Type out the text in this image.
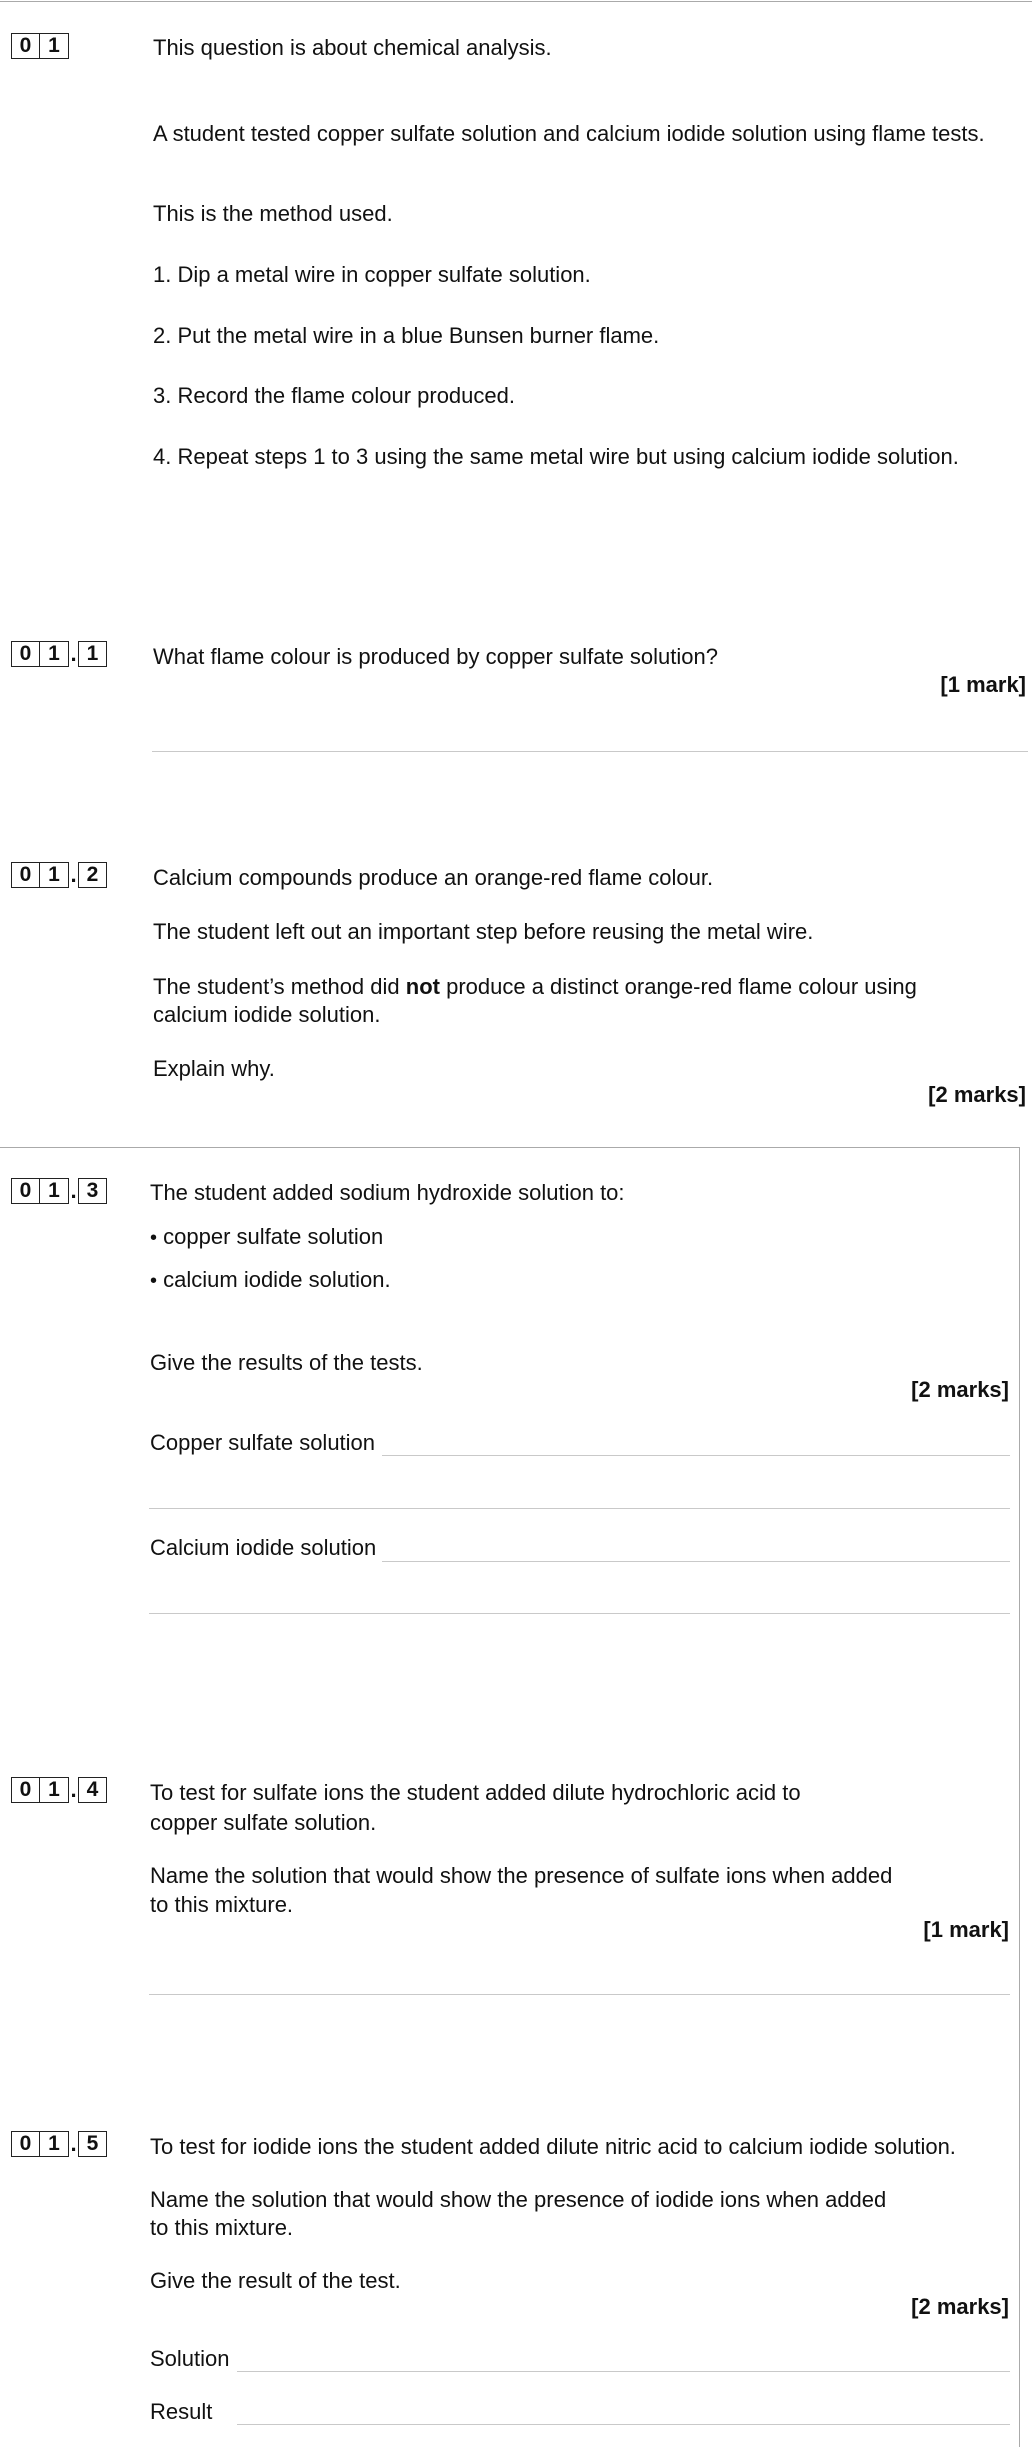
0 1	This question is about chemical analysis.
A student tested copper sulfate solution and calcium iodide solution using flame tests.
This is the method used.
1. Dip a metal wire in copper sulfate solution.
2. Put the metal wire in a blue Bunsen burner flame.
3. Record the flame colour produced.
4. Repeat steps 1 to 3 using the same metal wire but using calcium iodide solution.
0 1 . 1	What flame colour is produced by copper sulfate solution?
[1 mark]
0 1 . 2	Calcium compounds produce an orange-red flame colour.
The student left out an important step before reusing the metal wire.
The student’s method did not produce a distinct orange-red flame colour using
calcium iodide solution.
Explain why.
[2 marks]
0 1 . 3	The student added sodium hydroxide solution to:
• copper sulfate solution
• calcium iodide solution.
Give the results of the tests.
[2 marks]
Copper sulfate solution
Calcium iodide solution
0 1 . 4	To test for sulfate ions the student added dilute hydrochloric acid to
copper sulfate solution.
Name the solution that would show the presence of sulfate ions when added
to this mixture.
[1 mark]
0 1 . 5	To test for iodide ions the student added dilute nitric acid to calcium iodide solution.
Name the solution that would show the presence of iodide ions when added
to this mixture.
Give the result of the test.
[2 marks]
Solution
Result
